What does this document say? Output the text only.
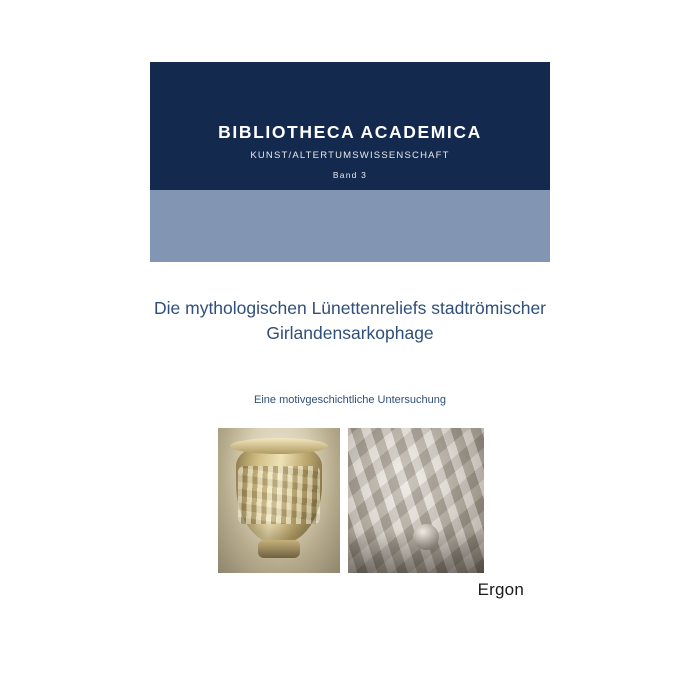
BIBLIOTHECA ACADEMICA
KUNST/ALTERTUMSWISSENSCHAFT
Band 3
Die mythologischen Lünettenreliefs stadtrömischer Girlandensarkophage
Eine motivgeschichtliche Untersuchung
Ergon
